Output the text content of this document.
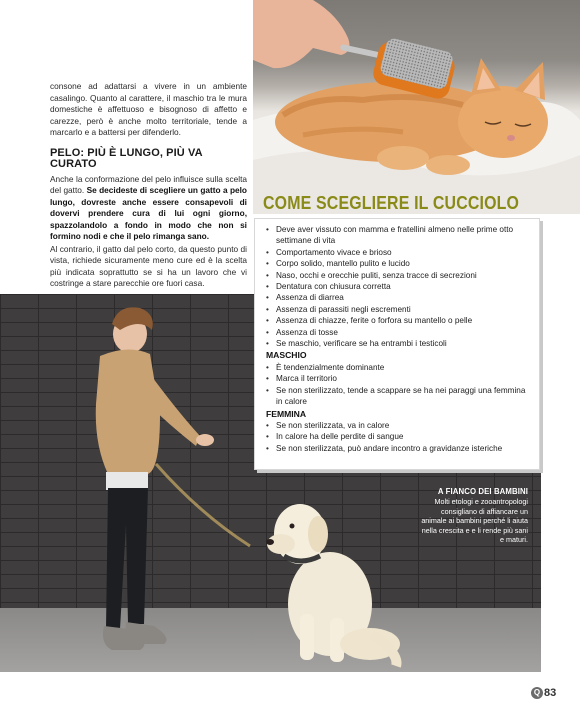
consone ad adattarsi a vivere in un ambiente casalingo. Quanto al carattere, il maschio tra le mura domestiche è affettuoso e bisognoso di affetto e carezze, però è anche molto territoriale, tende a marcarlo e a battersi per difenderlo.

PELO: PIÙ È LUNGO, PIÙ VA CURATO

Anche la conformazione del pelo influisce sulla scelta del gatto. Se decideste di scegliere un gatto a pelo lungo, dovreste anche essere consapevoli di dovervi prendere cura di lui ogni giorno, spazzolandolo a fondo in modo che non si formino nodi e che il pelo rimanga sano.

Al contrario, il gatto dal pelo corto, da questo punto di vista, richiede sicuramente meno cure ed è la scelta più indicata soprattutto se si ha un lavoro che vi costringe a stare parecchie ore fuori casa.

COME SCEGLIERE IL CUCCIOLO
• Deve aver vissuto con mamma e fratellini almeno nelle prime otto settimane di vita
• Comportamento vivace e brioso
• Corpo solido, mantello pulito e lucido
• Naso, occhi e orecchie puliti, senza tracce di secrezioni
• Dentatura con chiusura corretta
• Assenza di diarrea
• Assenza di parassiti negli escrementi
• Assenza di chiazze, ferite o forfora su mantello o pelle
• Assenza di tosse
• Se maschio, verificare se ha entrambi i testicoli
MASCHIO
• È tendenzialmente dominante
• Marca il territorio
• Se non sterilizzato, tende a scappare se ha nei paraggi una femmina in calore
FEMMINA
• Se non sterilizzata, va in calore
• In calore ha delle perdite di sangue
• Se non sterilizzata, può andare incontro a gravidanze isteriche
A FIANCO DEI BAMBINI
Molti etologi e zooantropologi consigliano di affiancare un animale ai bambini perché li aiuta nella crescita e e li rende più sani e maturi.
Q 83
